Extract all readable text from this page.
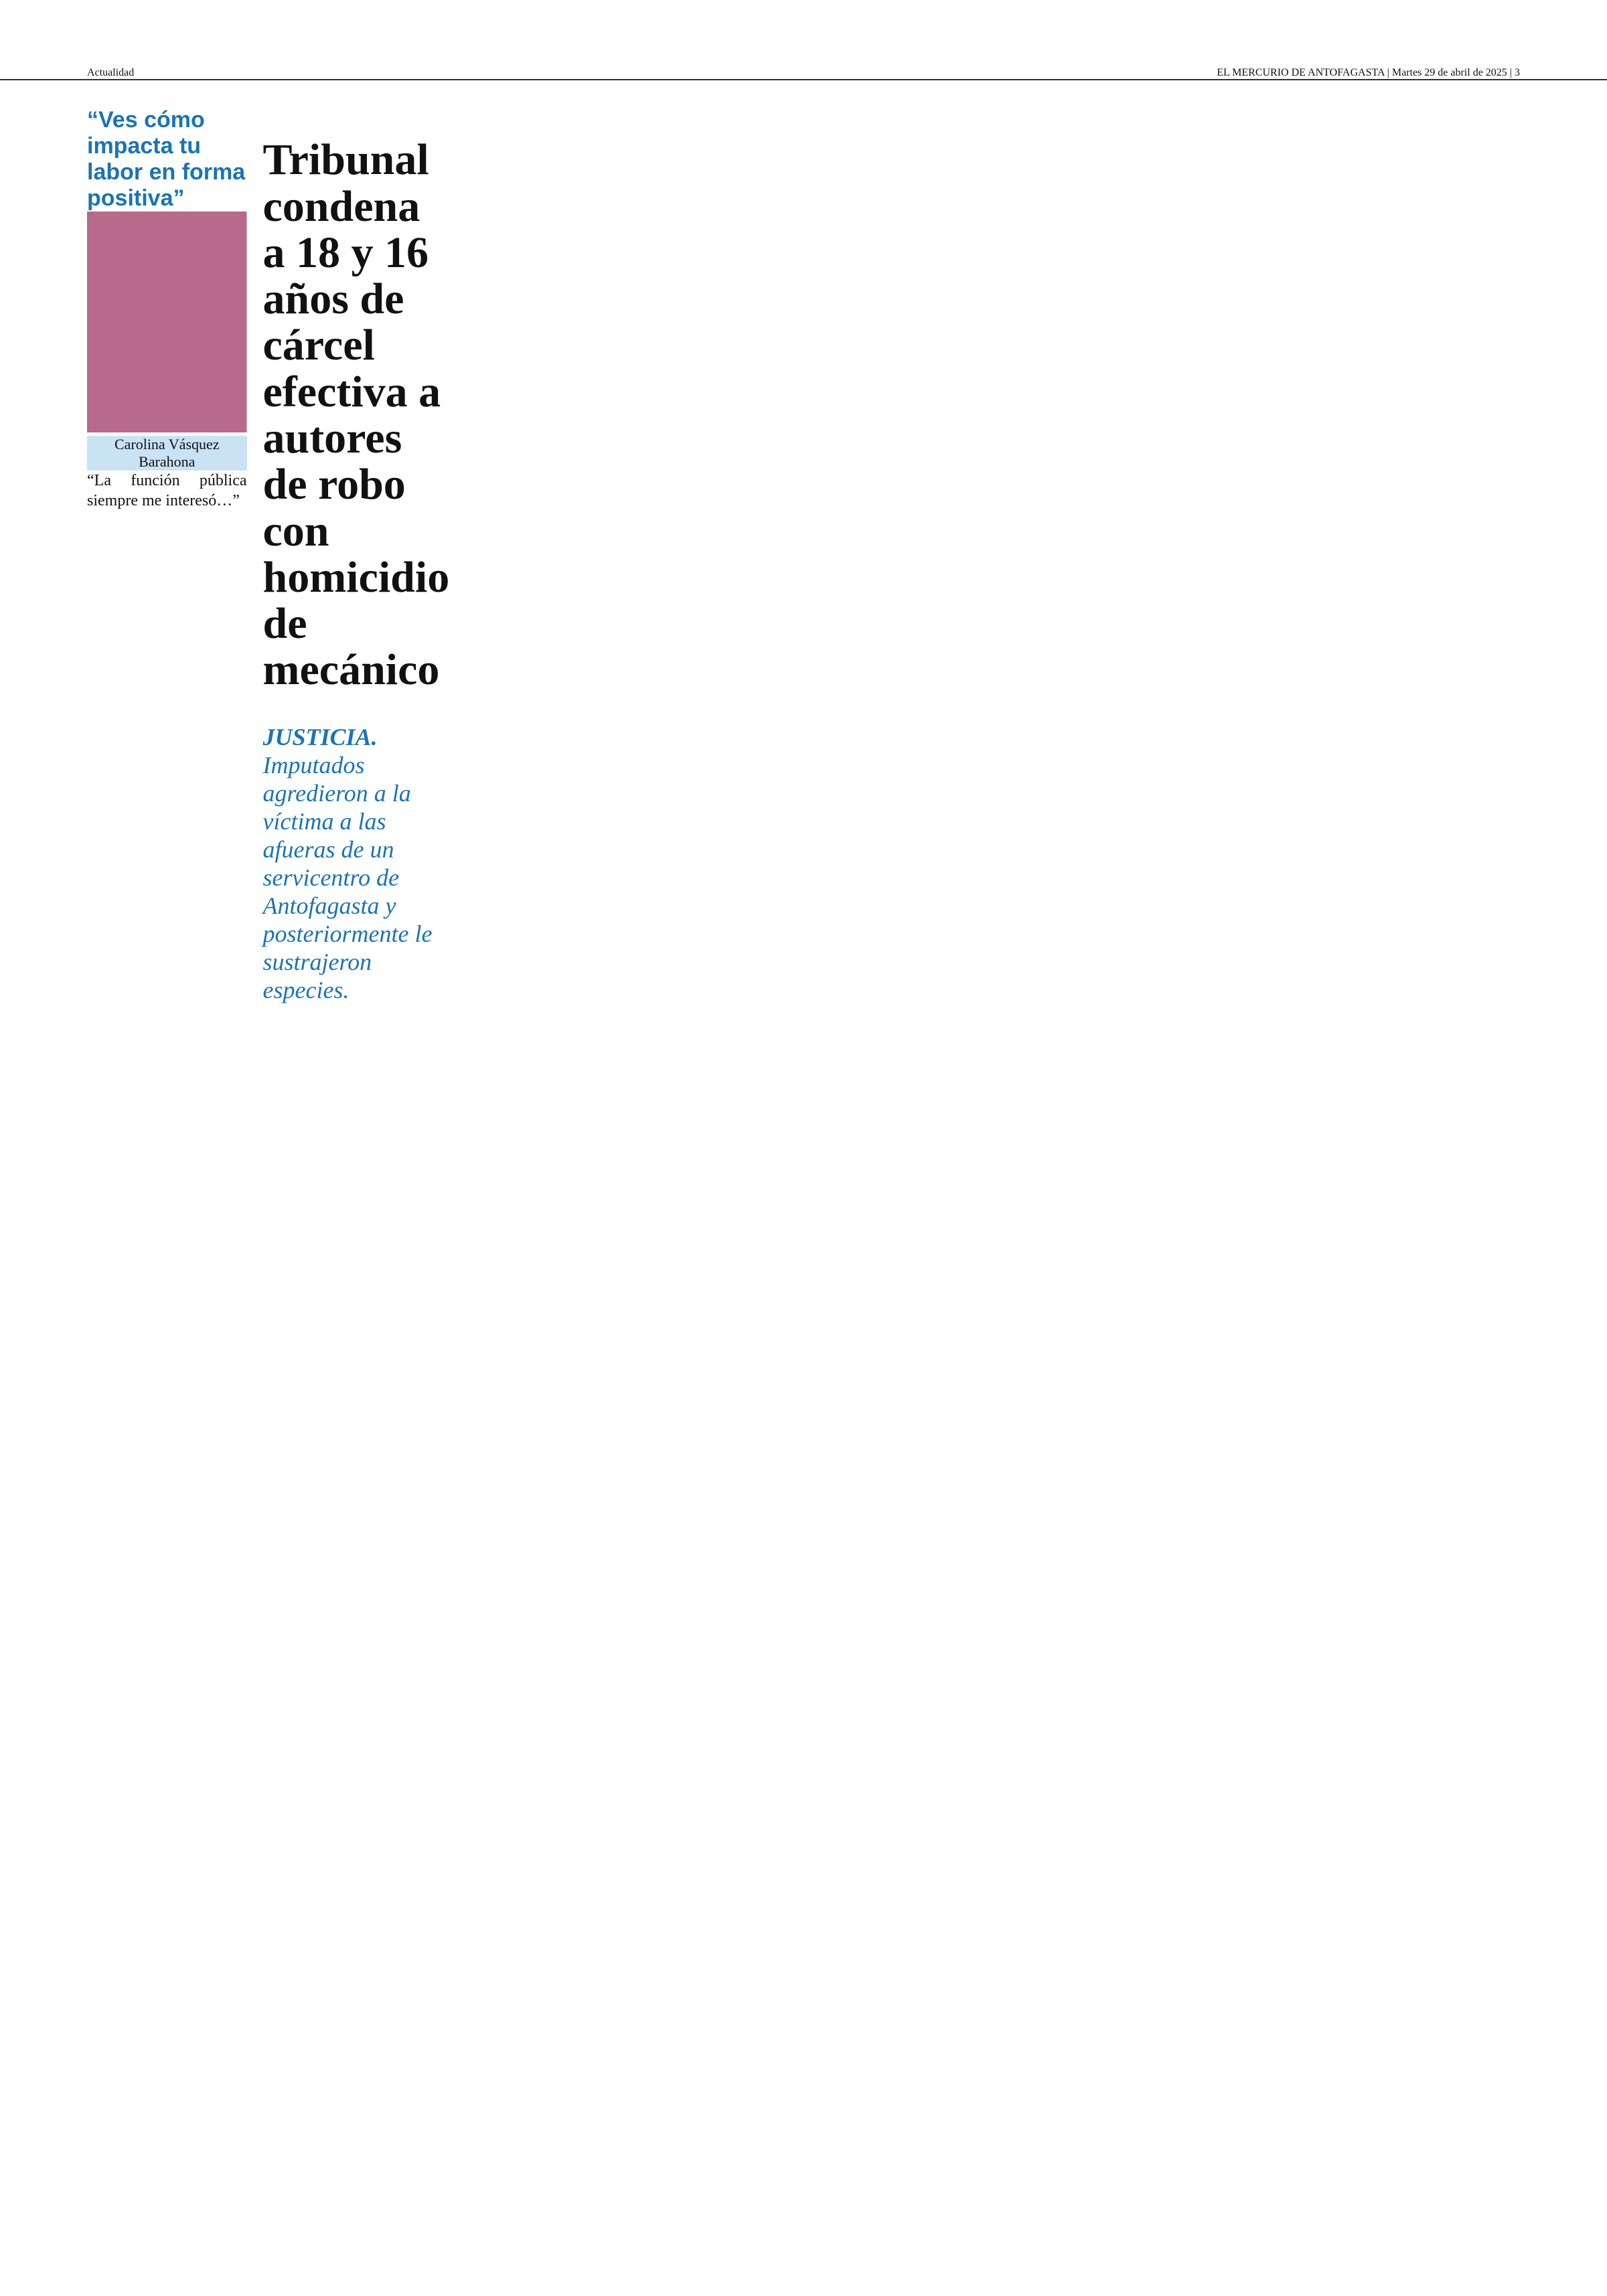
Actualidad	EL MERCURIO DE ANTOFAGASTA | Martes 29 de abril de 2025 | 3
“Ves cómo impacta tu labor en forma positiva”
Carolina Vásquez Barahona
“La función pública siempre me interesó…”
Tribunal condena a 18 y 16 años de cárcel efectiva a autores de robo con homicidio de mecánico

JUSTICIA. Imputados agredieron a la víctima a las afueras de un servicentro de Antofagasta y posteriormente le sustrajeron especies.
